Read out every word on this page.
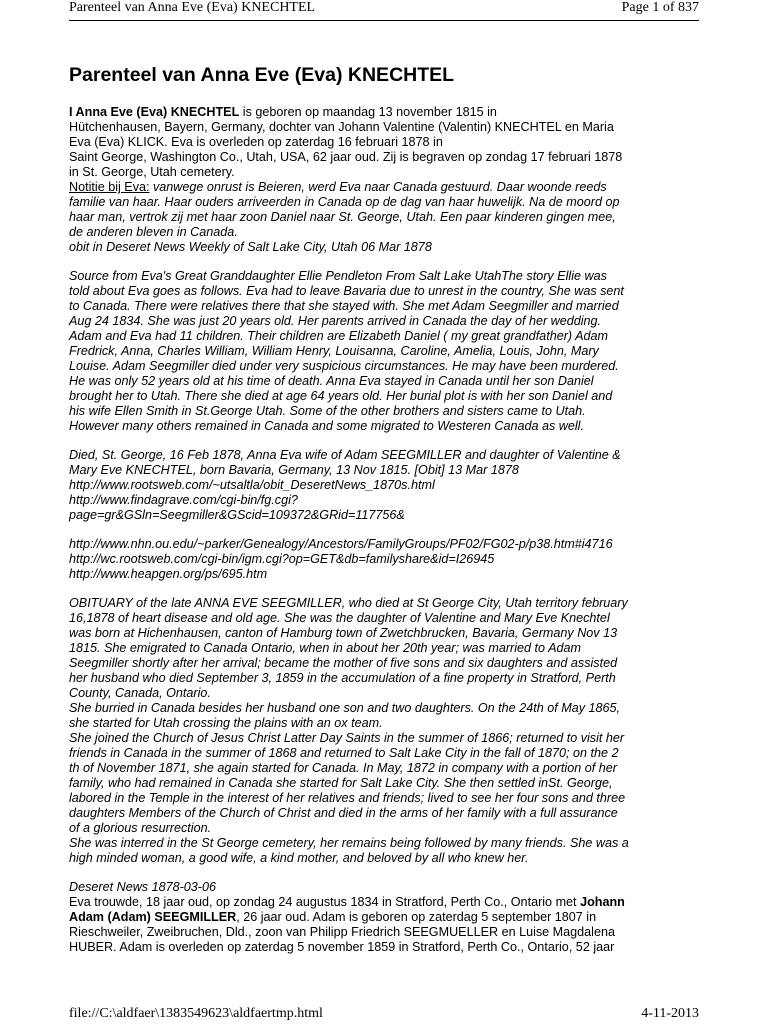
Parenteel van Anna Eve (Eva) KNECHTEL	Page 1 of 837
Parenteel van Anna Eve (Eva) KNECHTEL

I Anna Eve (Eva) KNECHTEL is geboren op maandag 13 november 1815 in
Hütchenhausen, Bayern, Germany, dochter van Johann Valentine (Valentin) KNECHTEL en Maria
Eva (Eva) KLICK. Eva is overleden op zaterdag 16 februari 1878 in
Saint George, Washington Co., Utah, USA, 62 jaar oud. Zij is begraven op zondag 17 februari 1878
in St. George, Utah cemetery.
Notitie bij Eva: vanwege onrust is Beieren, werd Eva naar Canada gestuurd. Daar woonde reeds
familie van haar. Haar ouders arriveerden in Canada op de dag van haar huwelijk. Na de moord op
haar man, vertrok zij met haar zoon Daniel naar St. George, Utah. Een paar kinderen gingen mee,
de anderen bleven in Canada.
obit in Deseret News Weekly of Salt Lake City, Utah 06 Mar 1878

Source from Eva's Great Granddaughter Ellie Pendleton From Salt Lake UtahThe story Ellie was
told about Eva goes as follows. Eva had to leave Bavaria due to unrest in the country, She was sent
to Canada. There were relatives there that she stayed with. She met Adam Seegmiller and married
Aug 24 1834. She was just 20 years old. Her parents arrived in Canada the day of her wedding.
Adam and Eva had 11 children. Their children are Elizabeth Daniel ( my great grandfather) Adam
Fredrick, Anna, Charles William, William Henry, Louisanna, Caroline, Amelia, Louis, John, Mary
Louise. Adam Seegmiller died under very suspicious circumstances. He may have been murdered.
He was only 52 years old at his time of death. Anna Eva stayed in Canada until her son Daniel
brought her to Utah. There she died at age 64 years old. Her burial plot is with her son Daniel and
his wife Ellen Smith in St.George Utah. Some of the other brothers and sisters came to Utah.
However many others remained in Canada and some migrated to Westeren Canada as well.

Died, St. George, 16 Feb 1878, Anna Eva wife of Adam SEEGMILLER and daughter of Valentine &
Mary Eve KNECHTEL, born Bavaria, Germany, 13 Nov 1815. [Obit] 13 Mar 1878
http://www.rootsweb.com/~utsaltla/obit_DeseretNews_1870s.html
http://www.findagrave.com/cgi-bin/fg.cgi?
page=gr&GSln=Seegmiller&GScid=109372&GRid=117756&

http://www.nhn.ou.edu/~parker/Genealogy/Ancestors/FamilyGroups/PF02/FG02-p/p38.htm#i4716
http://wc.rootsweb.com/cgi-bin/igm.cgi?op=GET&db=familyshare&id=I26945
http://www.heapgen.org/ps/695.htm

OBITUARY of the late ANNA EVE SEEGMILLER, who died at St George City, Utah territory february
16,1878 of heart disease and old age. She was the daughter of Valentine and Mary Eve Knechtel
was born at Hichenhausen, canton of Hamburg town of Zwetchbrucken, Bavaria, Germany Nov 13
1815. She emigrated to Canada Ontario, when in about her 20th year; was married to Adam
Seegmiller shortly after her arrival; became the mother of five sons and six daughters and assisted
her husband who died September 3, 1859 in the accumulation of a fine property in Stratford, Perth
County, Canada, Ontario.
She burried in Canada besides her husband one son and two daughters. On the 24th of May 1865,
she started for Utah crossing the plains with an ox team.
She joined the Church of Jesus Christ Latter Day Saints in the summer of 1866; returned to visit her
friends in Canada in the summer of 1868 and returned to Salt Lake City in the fall of 1870; on the 2
th of November 1871, she again started for Canada. In May, 1872 in company with a portion of her
family, who had remained in Canada she started for Salt Lake City. She then settled inSt. George,
labored in the Temple in the interest of her relatives and friends; lived to see her four sons and three
daughters Members of the Church of Christ and died in the arms of her family with a full assurance
of a glorious resurrection.
She was interred in the St George cemetery, her remains being followed by many friends. She was a
high minded woman, a good wife, a kind mother, and beloved by all who knew her.

Deseret News 1878-03-06
Eva trouwde, 18 jaar oud, op zondag 24 augustus 1834 in Stratford, Perth Co., Ontario met Johann
Adam (Adam) SEEGMILLER, 26 jaar oud. Adam is geboren op zaterdag 5 september 1807 in
Rieschweiler, Zweibruchen, Dld., zoon van Philipp Friedrich SEEGMUELLER en Luise Magdalena
HUBER. Adam is overleden op zaterdag 5 november 1859 in Stratford, Perth Co., Ontario, 52 jaar

file://C:\aldfaer\1383549623\aldfaertmp.html	4-11-2013
